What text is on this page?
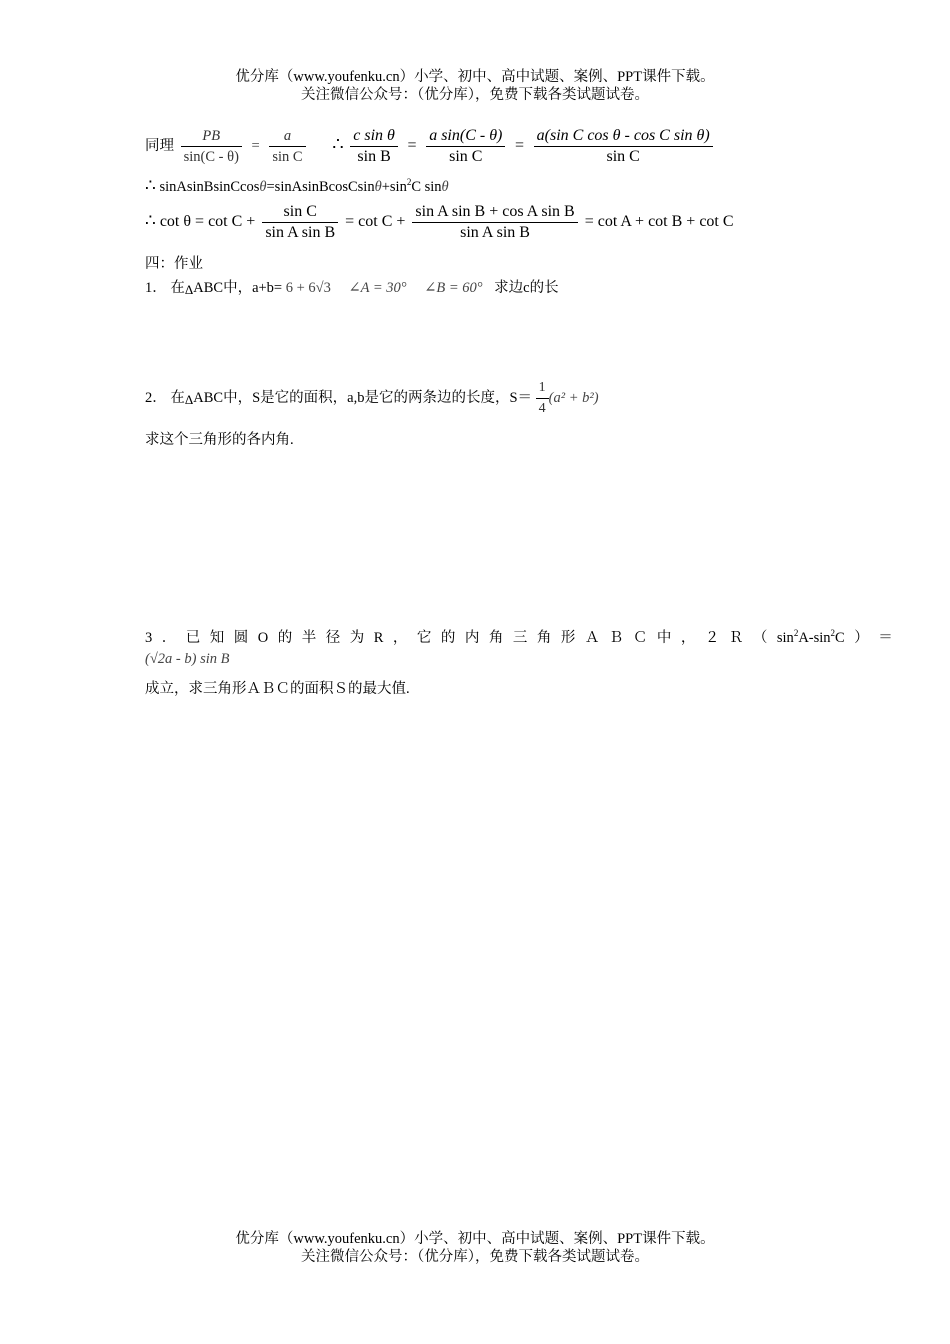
优分库（www.youfenku.cn）小学、初中、高中试题、案例、PPT课件下载。
关注微信公众号：（优分库），免费下载各类试题试卷。
同理 $\frac{PB}{\sin(C - \theta)} = \frac{a}{\text{sin C}}$ ∴ $\frac{\text{c sin θ}}{\text{sin B}} = \frac{\text{a sin(C - θ)}}{\text{sin C}} = \frac{\text{a(sin C cos θ - cos C sin θ)}}{\text{sin C}}$
∴ $sinAsinBsinCcos\theta=sinAsinBcosCsin\theta+\sin^2C$ sinθ
∴ $\cot \theta = \cot C + \frac{\text{sin C}}{\text{sin A sin B}} = \cot C + \frac{\text{sin A sin B + cos A sin B}}{\text{sin A sin B}} = \cot A + \cot B + \cot C$
四：作业
1． 在ΔABC中，a+b= 6 + 6√3 ∠A = 30° ∠B = 60° 求边c的长
2． 在ΔABC中，S是它的面积，a,b是它的两条边的长度，$S= \frac{1}{4} (a^2 + b^2)$
求这个三角形的各内角.
3．已知圆O的半径为R，它的内角三角形ＡＢＣ中，$2R(\sin^2A-\sin^2C)=$
(√2a - b) sin B
成立，求三角形ＡＢＣ的面积Ｓ的最大值.
优分库（www.youfenku.cn）小学、初中、高中试题、案例、PPT课件下载。
关注微信公众号：（优分库），免费下载各类试题试卷。
